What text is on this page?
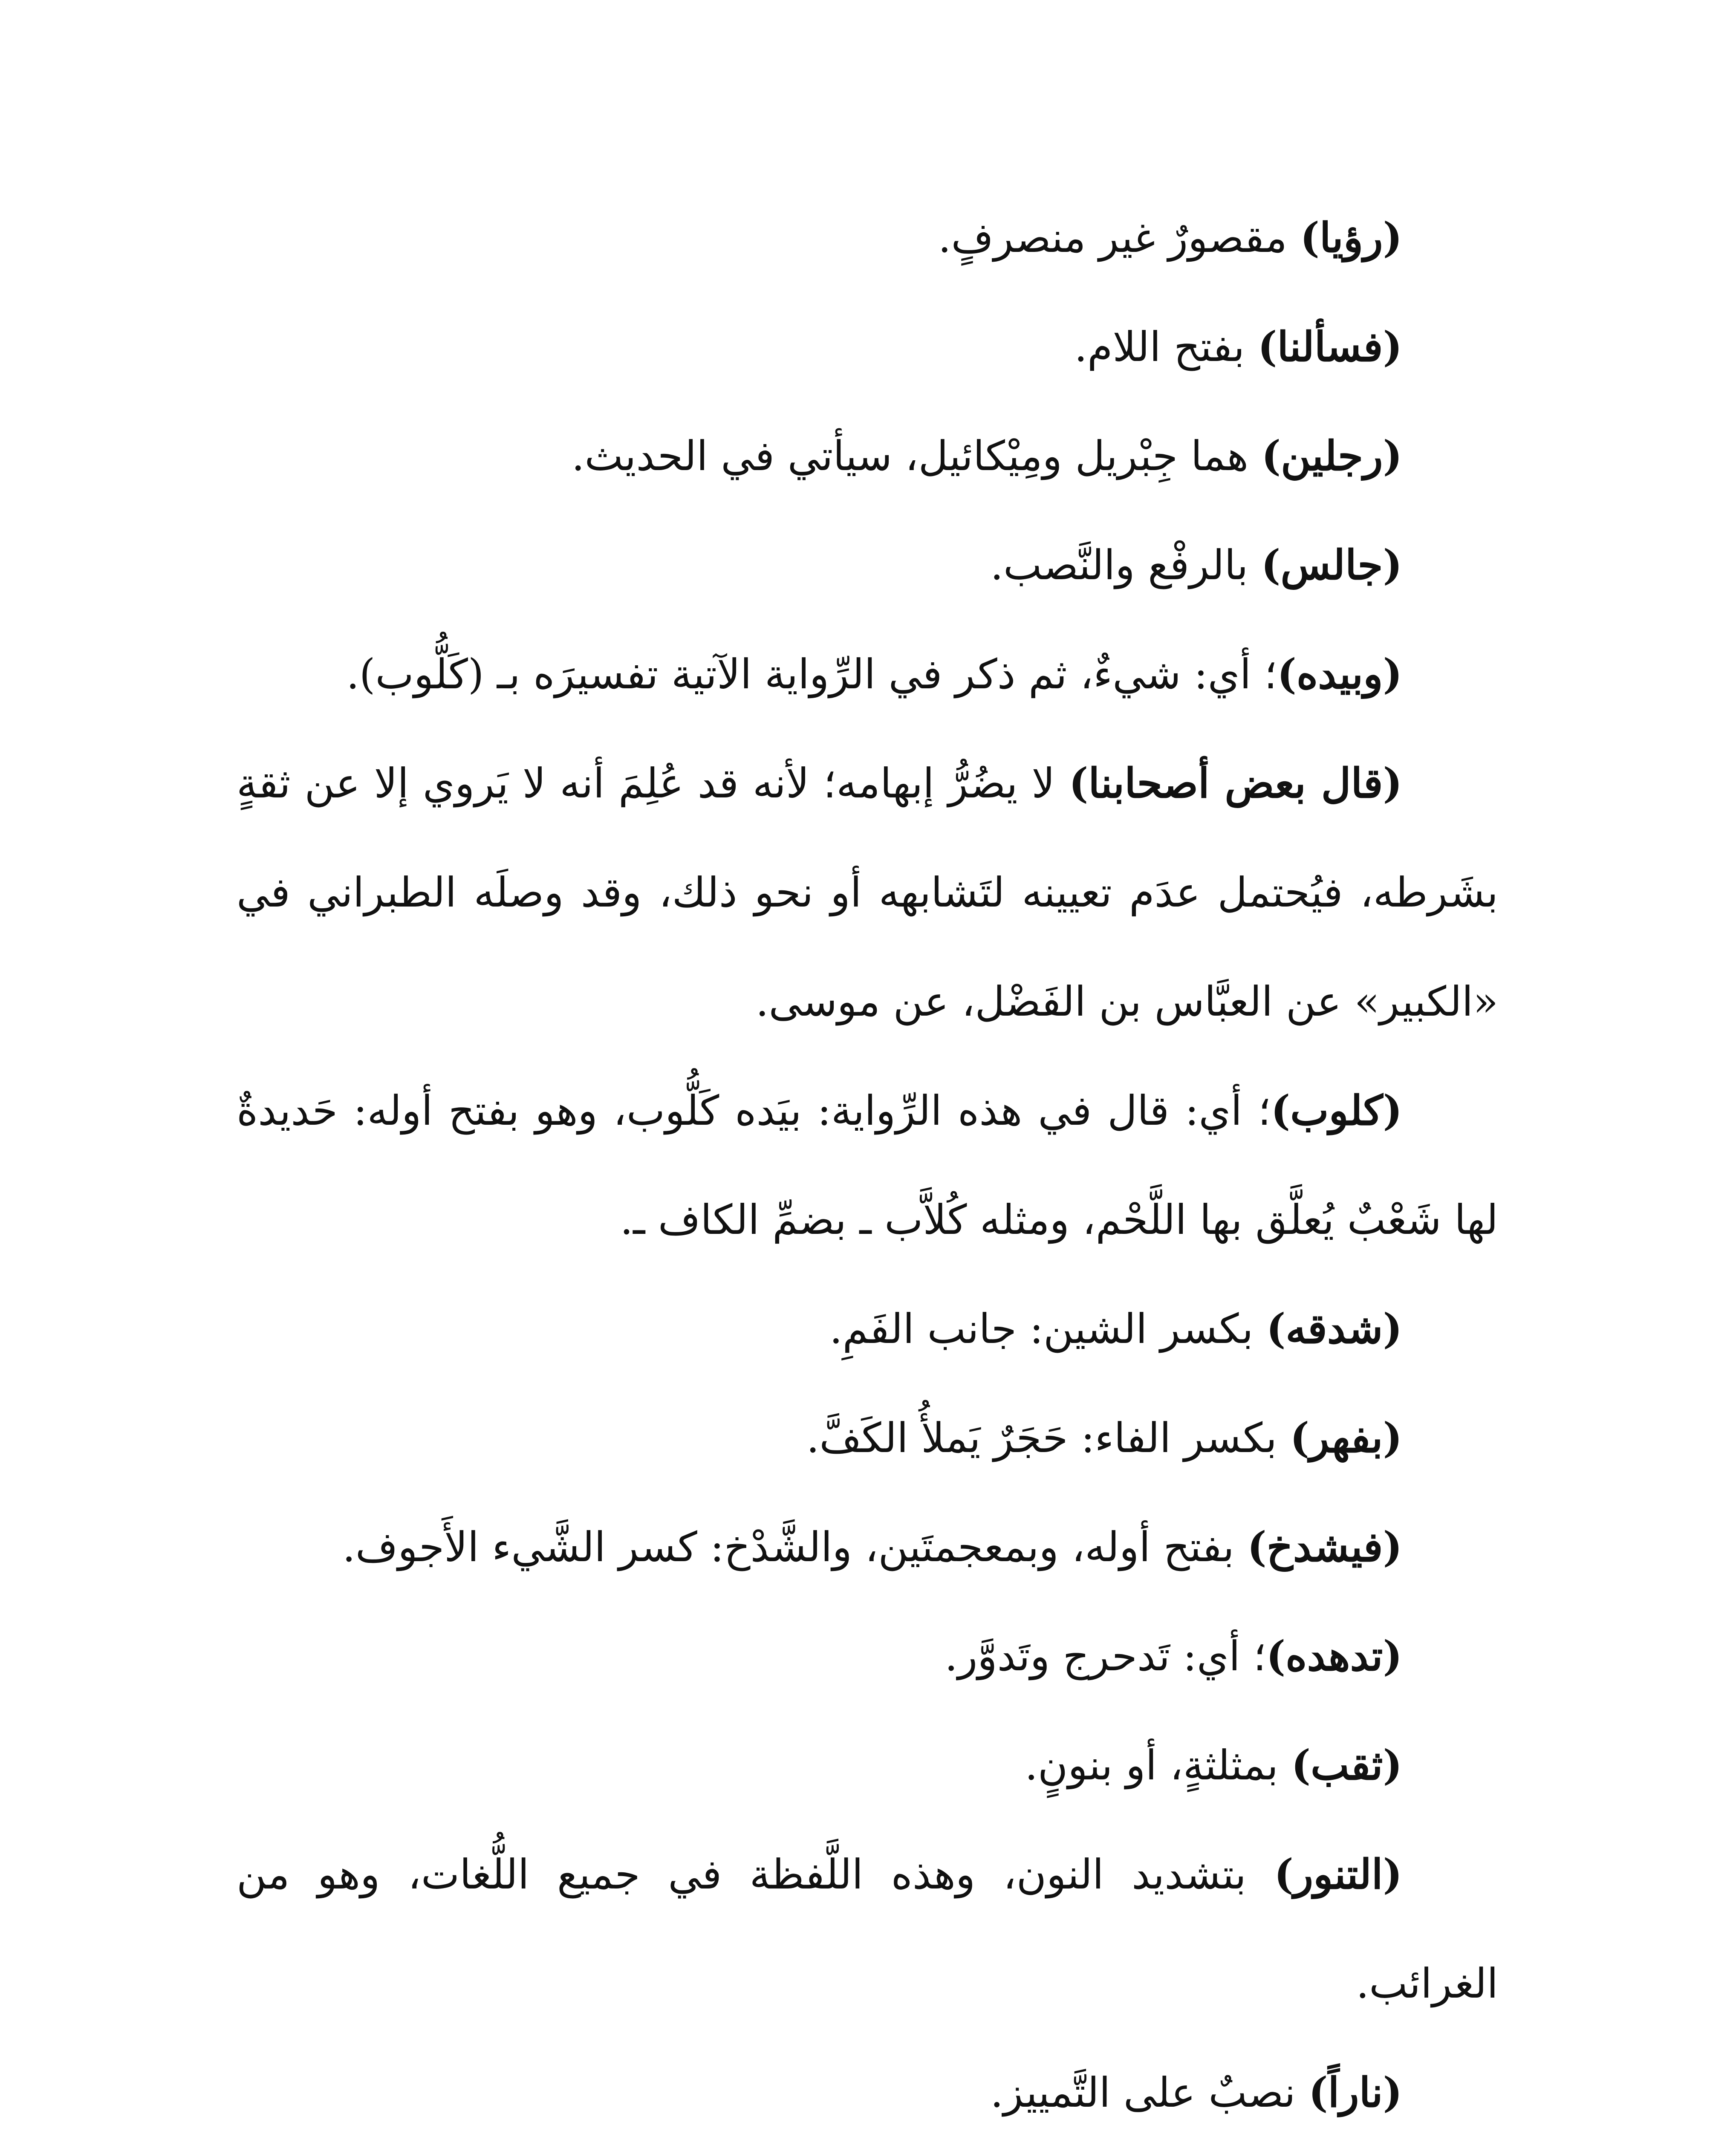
(رؤيا) مقصورٌ غير منصرفٍ.

(فسألنا) بفتح اللام.

(رجلين) هما جِبْريل ومِيْكائيل، سيأتي في الحديث.

(جالس) بالرفْع والنَّصب.

(وبيده)؛ أي: شيءٌ، ثم ذكر في الرِّواية الآتية تفسيرَه بـ (كَلُّوب).

(قال بعض أصحابنا) لا يضُرُّ إبهامه؛ لأنه قد عُلِمَ أنه لا يَروي إلا عن ثقةٍ بشَرطه، فيُحتمل عدَم تعيينه لتَشابهه أو نحو ذلك، وقد وصلَه الطبراني في «الكبير» عن العبَّاس بن الفَضْل، عن موسى.

(كلوب)؛ أي: قال في هذه الرِّواية: بيَده كَلُّوب، وهو بفتح أوله: حَديدةٌ لها شَعْبٌ يُعلَّق بها اللَّحْم، ومثله كُلاَّب ـ بضمِّ الكاف ـ.

(شدقه) بكسر الشين: جانب الفَمِ.

(بفهر) بكسر الفاء: حَجَرٌ يَملأُ الكَفَّ.

(فيشدخ) بفتح أوله، وبمعجمتَين، والشَّدْخ: كسر الشَّيء الأَجوف.

(تدهده)؛ أي: تَدحرج وتَدوَّر.

(ثقب) بمثلثةٍ، أو بنونٍ.

(التنور) بتشديد النون، وهذه اللَّفظة في جميع اللُّغات، وهو من الغرائب.

(ناراً) نصبٌ على التَّمييز.
